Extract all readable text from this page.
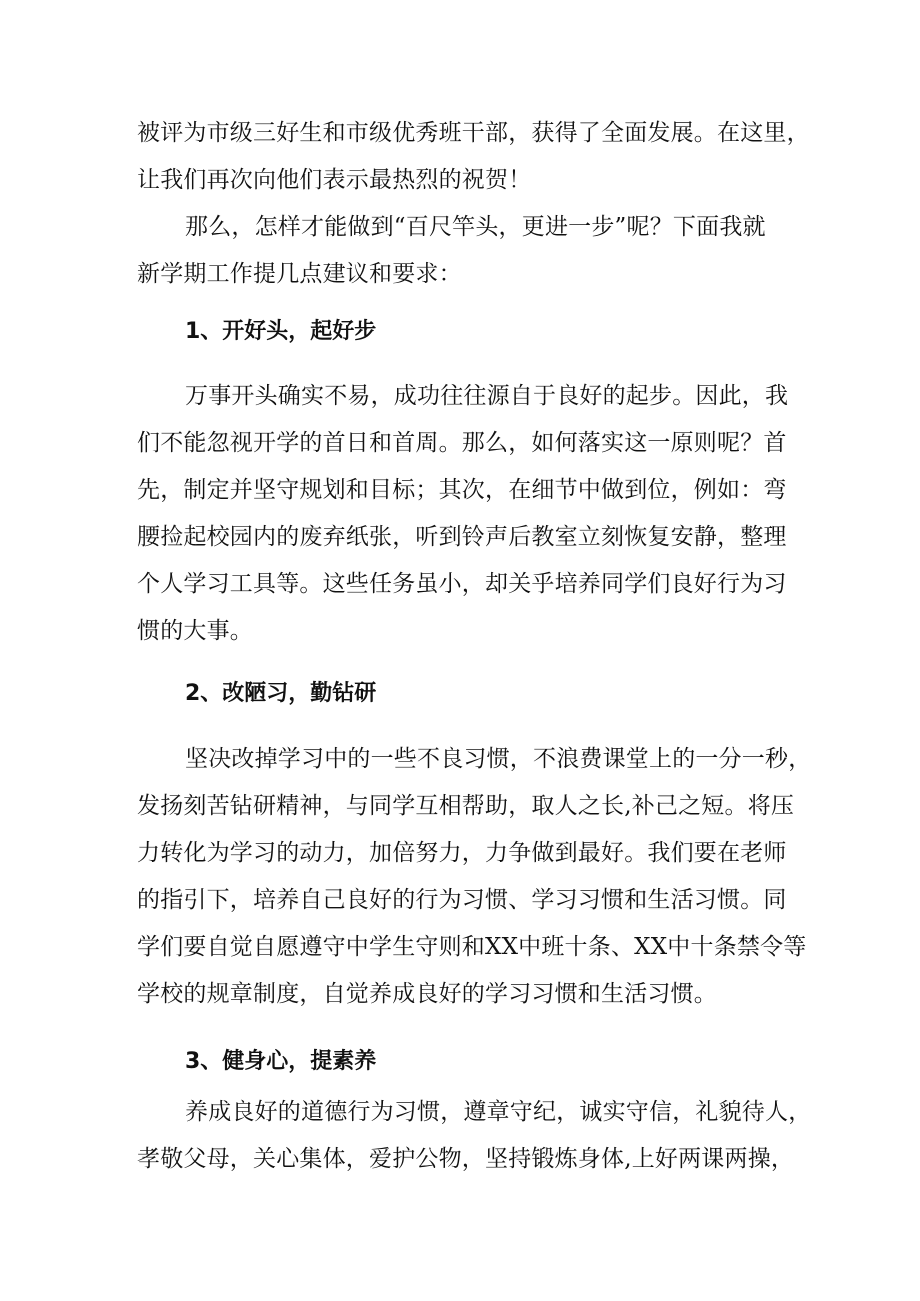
被评为市级三好生和市级优秀班干部，获得了全面发展。在这里，
让我们再次向他们表示最热烈的祝贺！
那么，怎样才能做到“百尺竿头，更进一步”呢？下面我就
新学期工作提几点建议和要求：
1、开好头，起好步
万事开头确实不易，成功往往源自于良好的起步。因此，我
们不能忽视开学的首日和首周。那么，如何落实这一原则呢？首
先，制定并坚守规划和目标；其次，在细节中做到位，例如：弯
腰捡起校园内的废弃纸张，听到铃声后教室立刻恢复安静，整理
个人学习工具等。这些任务虽小，却关乎培养同学们良好行为习
惯的大事。
2、改陋习，勤钻研
坚决改掉学习中的一些不良习惯，不浪费课堂上的一分一秒，
发扬刻苦钻研精神，与同学互相帮助，取人之长,补己之短。将压
力转化为学习的动力，加倍努力，力争做到最好。我们要在老师
的指引下，培养自己良好的行为习惯、学习习惯和生活习惯。同
学们要自觉自愿遵守中学生守则和XX中班十条、XX中十条禁令等
学校的规章制度，自觉养成良好的学习习惯和生活习惯。
3、健身心，提素养
养成良好的道德行为习惯，遵章守纪，诚实守信，礼貌待人，
孝敬父母，关心集体，爱护公物，坚持锻炼身体,上好两课两操，
